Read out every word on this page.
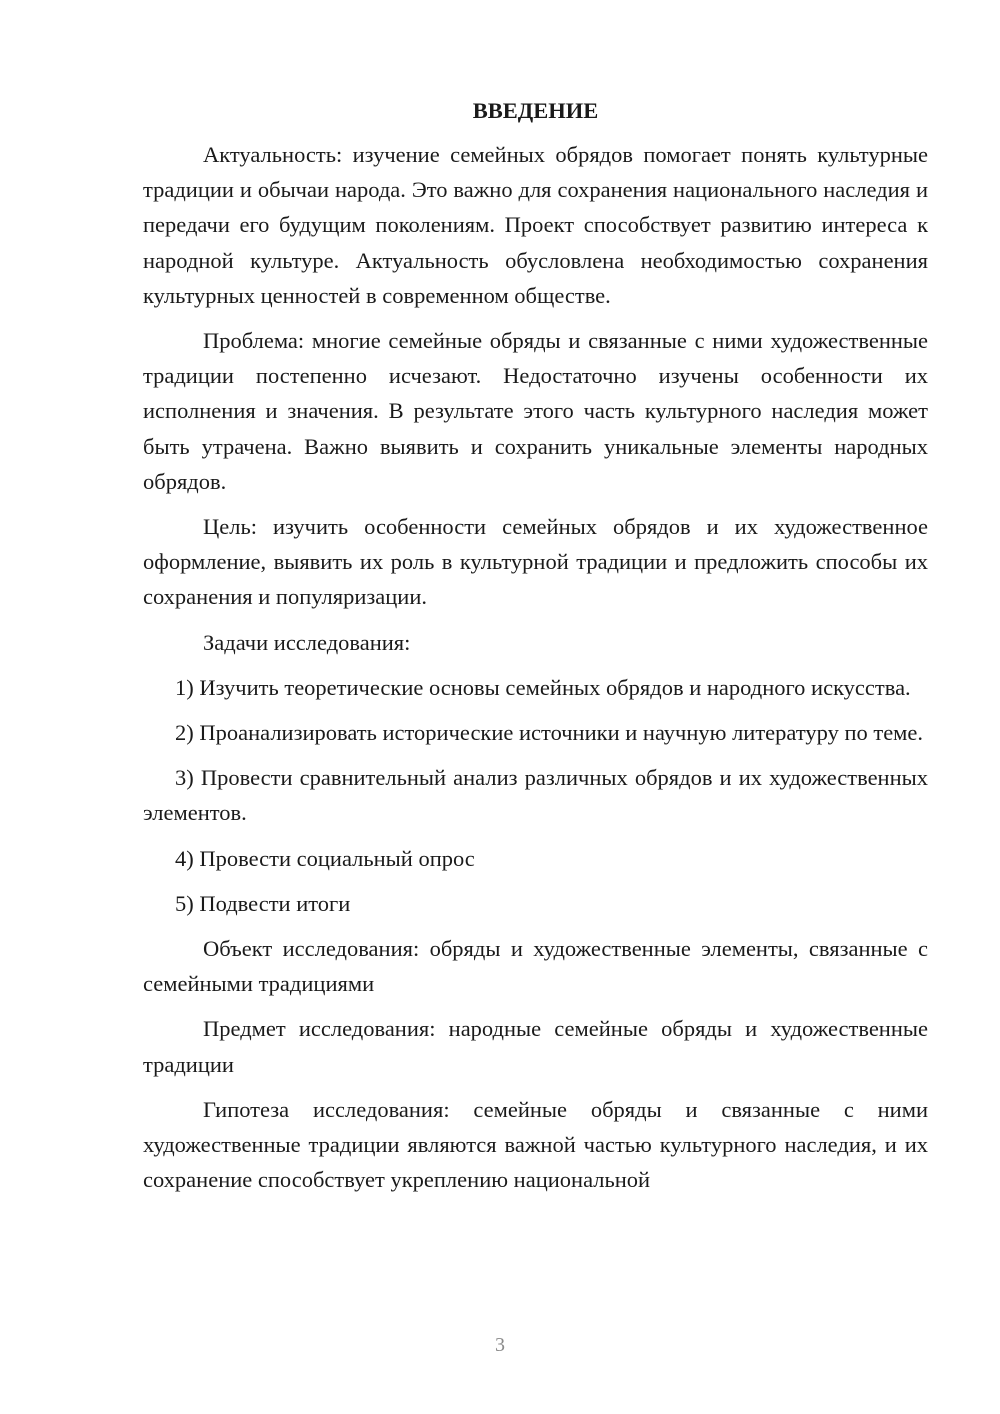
ВВЕДЕНИЕ

Актуальность: изучение семейных обрядов помогает понять культурные традиции и обычаи народа. Это важно для сохранения национального наследия и передачи его будущим поколениям. Проект способствует развитию интереса к народной культуре. Актуальность обусловлена необходимостью сохранения культурных ценностей в современном обществе.

Проблема: многие семейные обряды и связанные с ними художественные традиции постепенно исчезают. Недостаточно изучены особенности их исполнения и значения. В результате этого часть культурного наследия может быть утрачена. Важно выявить и сохранить уникальные элементы народных обрядов.

Цель: изучить особенности семейных обрядов и их художественное оформление, выявить их роль в культурной традиции и предложить способы их сохранения и популяризации.

Задачи исследования:

1) Изучить теоретические основы семейных обрядов и народного искусства.

2) Проанализировать исторические источники и научную литературу по теме.

3) Провести сравнительный анализ различных обрядов и их художественных элементов.

4) Провести социальный опрос

5) Подвести итоги

Объект исследования: обряды и художественные элементы, связанные с семейными традициями

Предмет исследования: народные семейные обряды и художественные традиции

Гипотеза исследования: семейные обряды и связанные с ними художественные традиции являются важной частью культурного наследия, и их сохранение способствует укреплению национальной

3
